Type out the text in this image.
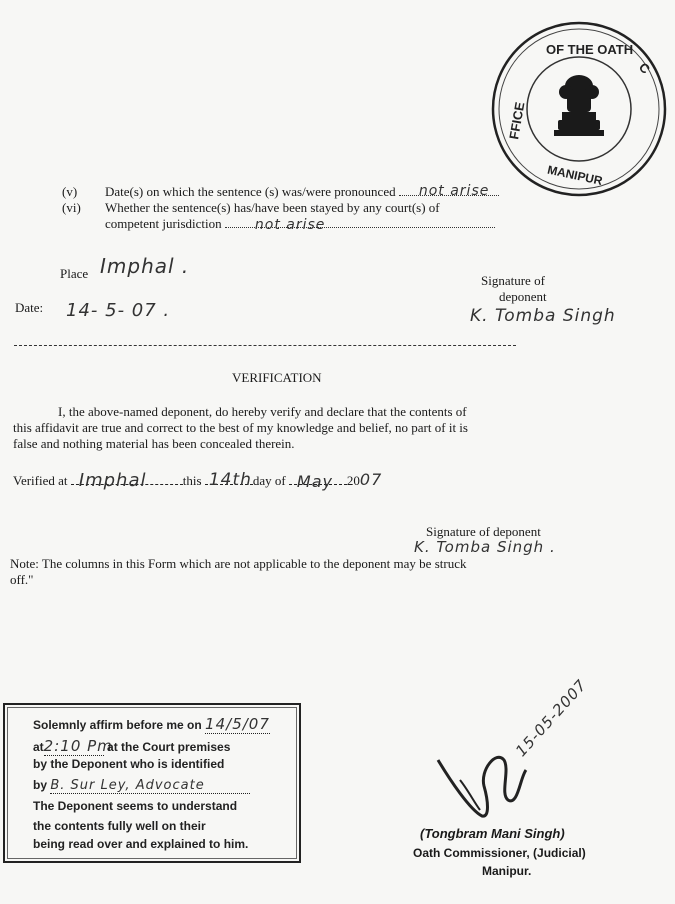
FFICE
OF THE OATH
C
MANIPUR
(v) Date(s) on which the sentence (s) was/were pronounced not arise
(vi) Whether the sentence(s) has/have been stayed by any court(s) of
competent jurisdiction not arise
Place Imphal .
Date: 14- 5- 07 .
Signature of
deponent
K. Tomba Singh
VERIFICATION
I, the above-named deponent, do hereby verify and declare that the contents of
this affidavit are true and correct to the best of my knowledge and belief, no part of it is
false and nothing material has been concealed therein.
Verified at Imphal	this 14th day of May 2007
Signature of deponent
K. Tomba Singh .
Note: The columns in this Form which are not applicable to the deponent may be struck
off."
Solemnly affirm before me on 14/5/07
at2:10 Pm at the Court premises
by the Deponent who is identified
by B. Sur Ley, Advocate
The Deponent seems to understand
the contents fully well on their
being read over and explained to him.
15-05-2007
(Tongbram Mani Singh)
Oath Commissioner, (Judicial)
Manipur.
